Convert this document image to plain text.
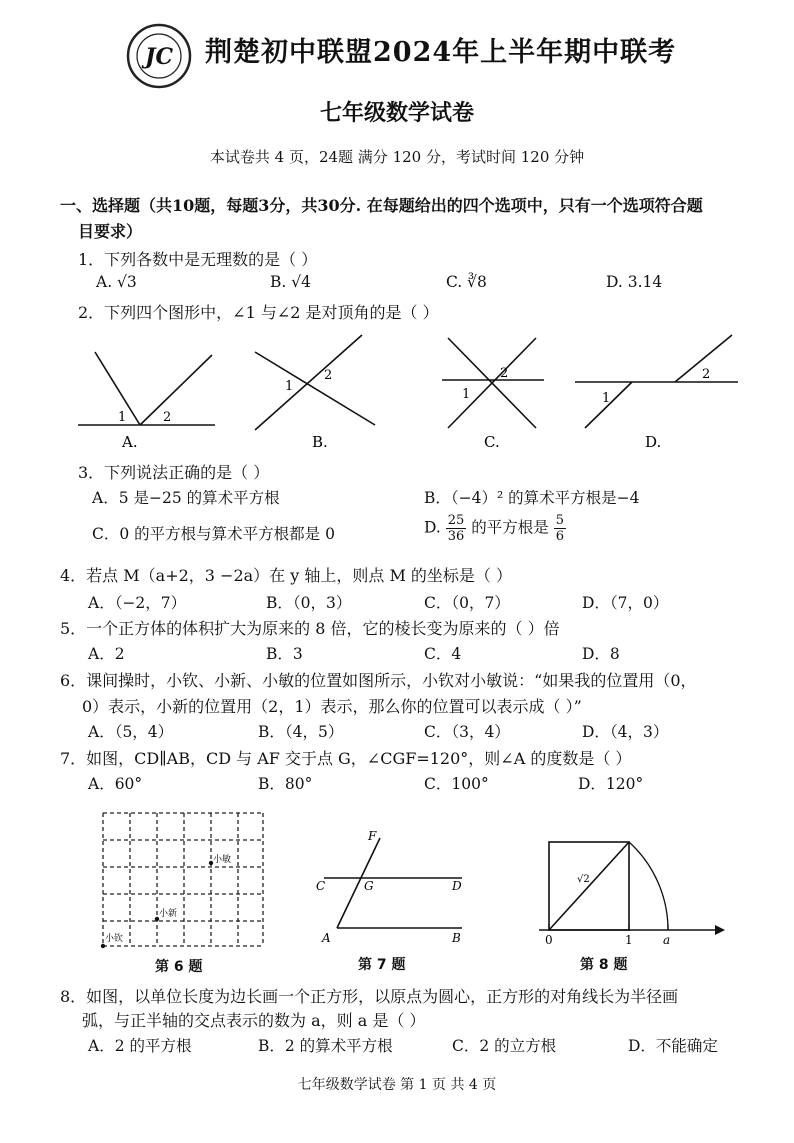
JC 荆楚初中联盟2024年上半年期中联考
七年级数学试卷
本试卷共 4 页，24题 满分 120 分，考试时间 120 分钟
一、选择题（共10题，每题3分，共30分. 在每题给出的四个选项中，只有一个选项符合题
目要求）
1．下列各数中是无理数的是（ ）
A. √3	B. √4	C. ∛8	D. 3.14
2．下列四个图形中，∠1 与∠2 是对顶角的是（ ）
1	2
A.
1
2
B.
1
2
C.
1
2
D.
3．下列说法正确的是（ ）
A．5 是−25 的算术平方根	B．（−4）² 的算术平方根是−4
C．0 的平方根与算术平方根都是 0	D. $\frac{25}{36}$ 的平方根是 $\frac{5}{6}$
4．若点 M（a+2，3 −2a）在 y 轴上，则点 M 的坐标是（ ）
A．（−2，7）	B．（0，3）	C．（0，7）	D．（7，0）
5．一个正方体的体积扩大为原来的 8 倍，它的棱长变为原来的（ ）倍
A．2	B．3	C．4	D．8
6．课间操时，小钦、小新、小敏的位置如图所示，小钦对小敏说：“如果我的位置用（0，
0）表示，小新的位置用（2，1）表示，那么你的位置可以表示成（ ）”
A．（5，4）	B．（4，5）	C．（3，4）	D．（4，3）
7．如图，CD∥AB，CD 与 AF 交于点 G，∠CGF=120°，则∠A 的度数是（ ）
A．60°	B．80°	C．100°	D．120°
小敏
小新
小钦
第 6 题
F
C	G	D
A	B
第 7 题
√2
0	1	a
第 8 题
8．如图，以单位长度为边长画一个正方形，以原点为圆心，正方形的对角线长为半径画
弧，与正半轴的交点表示的数为 a，则 a 是（ ）
A．2 的平方根	B．2 的算术平方根	C．2 的立方根	D．不能确定
七年级数学试卷 第 1 页 共 4 页
